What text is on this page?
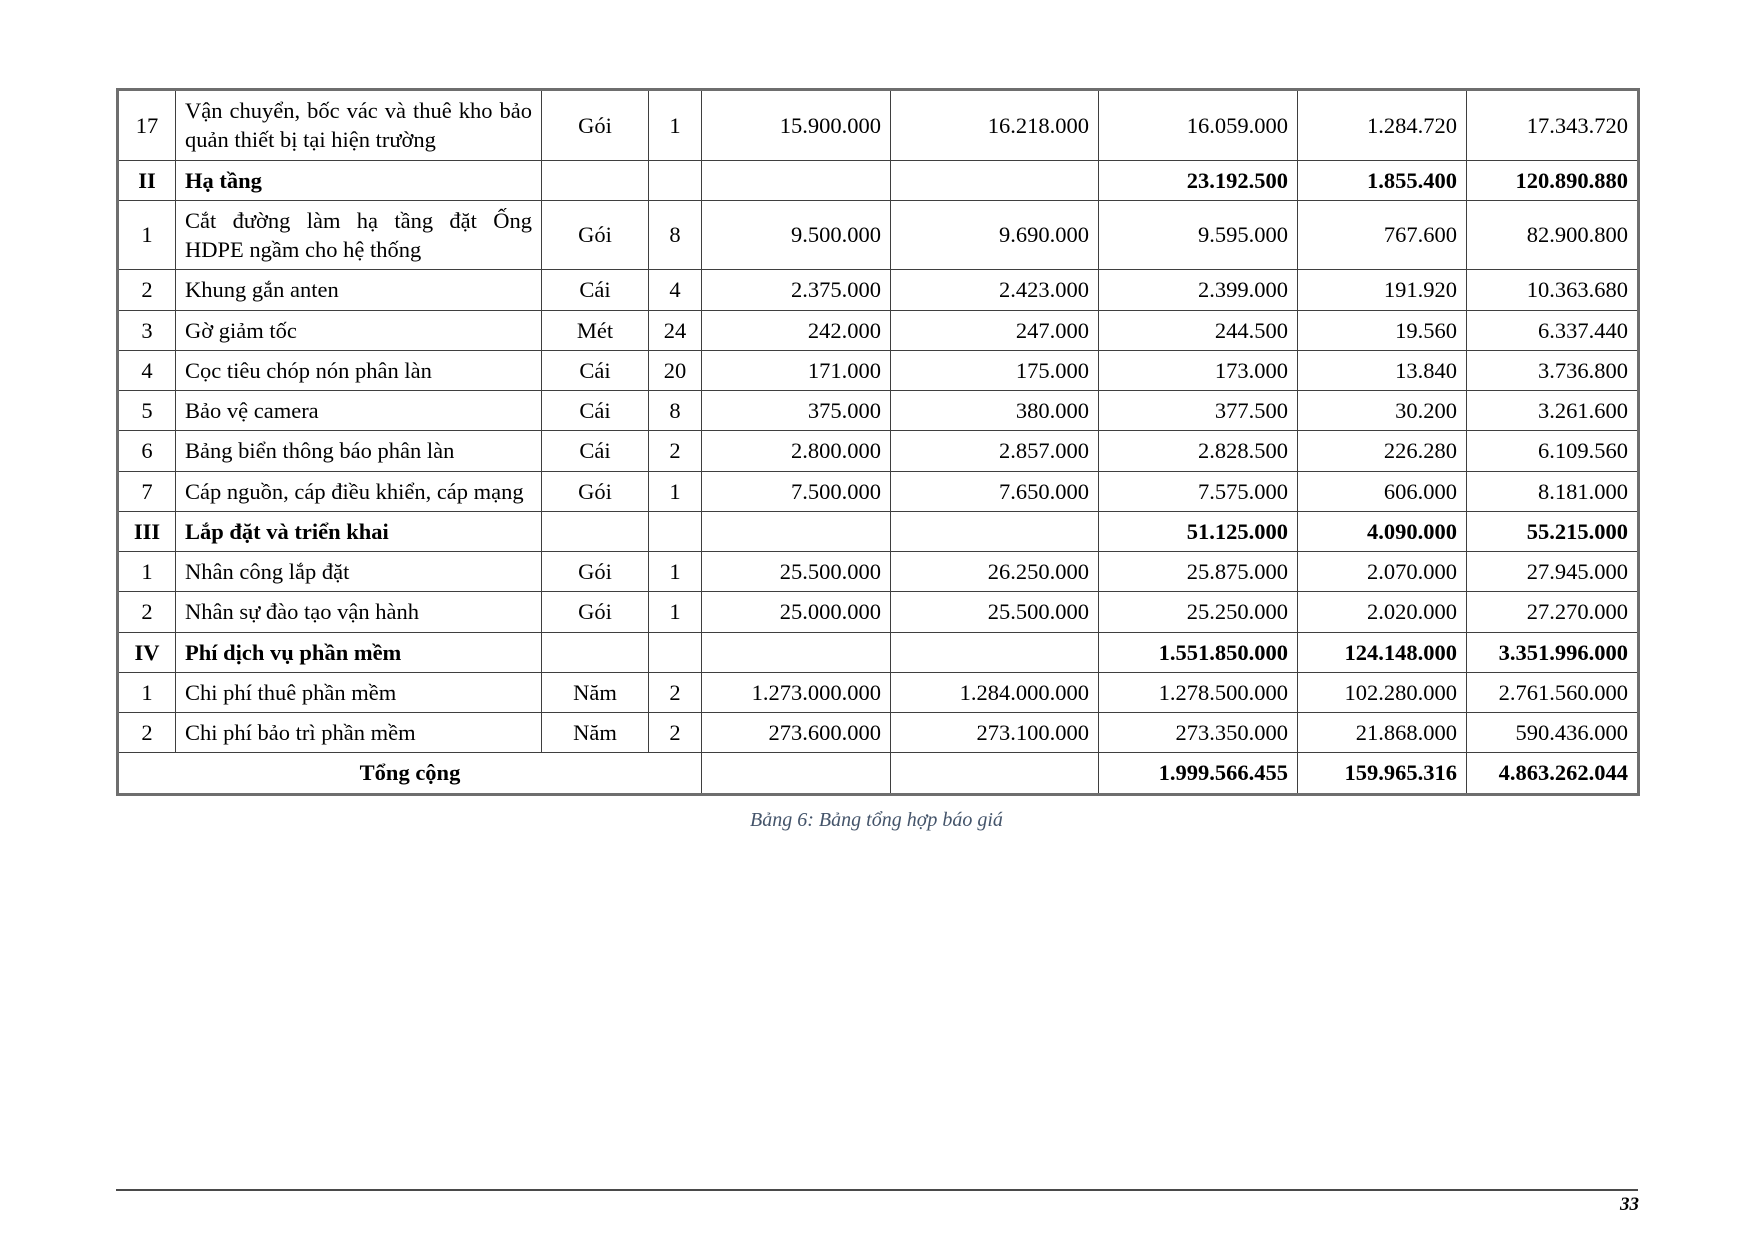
17	Vận chuyển, bốc vác và thuê kho bảo quản thiết bị tại hiện trường	Gói	1	15.900.000	16.218.000	16.059.000	1.284.720	17.343.720
II	Hạ tầng					23.192.500	1.855.400	120.890.880
1	Cắt đường làm hạ tầng đặt Ống HDPE ngầm cho hệ thống	Gói	8	9.500.000	9.690.000	9.595.000	767.600	82.900.800
2	Khung gắn anten	Cái	4	2.375.000	2.423.000	2.399.000	191.920	10.363.680
3	Gờ giảm tốc	Mét	24	242.000	247.000	244.500	19.560	6.337.440
4	Cọc tiêu chóp nón phân làn	Cái	20	171.000	175.000	173.000	13.840	3.736.800
5	Bảo vệ camera	Cái	8	375.000	380.000	377.500	30.200	3.261.600
6	Bảng biển thông báo phân làn	Cái	2	2.800.000	2.857.000	2.828.500	226.280	6.109.560
7	Cáp nguồn, cáp điều khiển, cáp mạng	Gói	1	7.500.000	7.650.000	7.575.000	606.000	8.181.000
III	Lắp đặt và triển khai					51.125.000	4.090.000	55.215.000
1	Nhân công lắp đặt	Gói	1	25.500.000	26.250.000	25.875.000	2.070.000	27.945.000
2	Nhân sự đào tạo vận hành	Gói	1	25.000.000	25.500.000	25.250.000	2.020.000	27.270.000
IV	Phí dịch vụ phần mềm					1.551.850.000	124.148.000	3.351.996.000
1	Chi phí thuê phần mềm	Năm	2	1.273.000.000	1.284.000.000	1.278.500.000	102.280.000	2.761.560.000
2	Chi phí bảo trì phần mềm	Năm	2	273.600.000	273.100.000	273.350.000	21.868.000	590.436.000
Tổng cộng						1.999.566.455	159.965.316	4.863.262.044
Bảng 6: Bảng tổng hợp báo giá
33
